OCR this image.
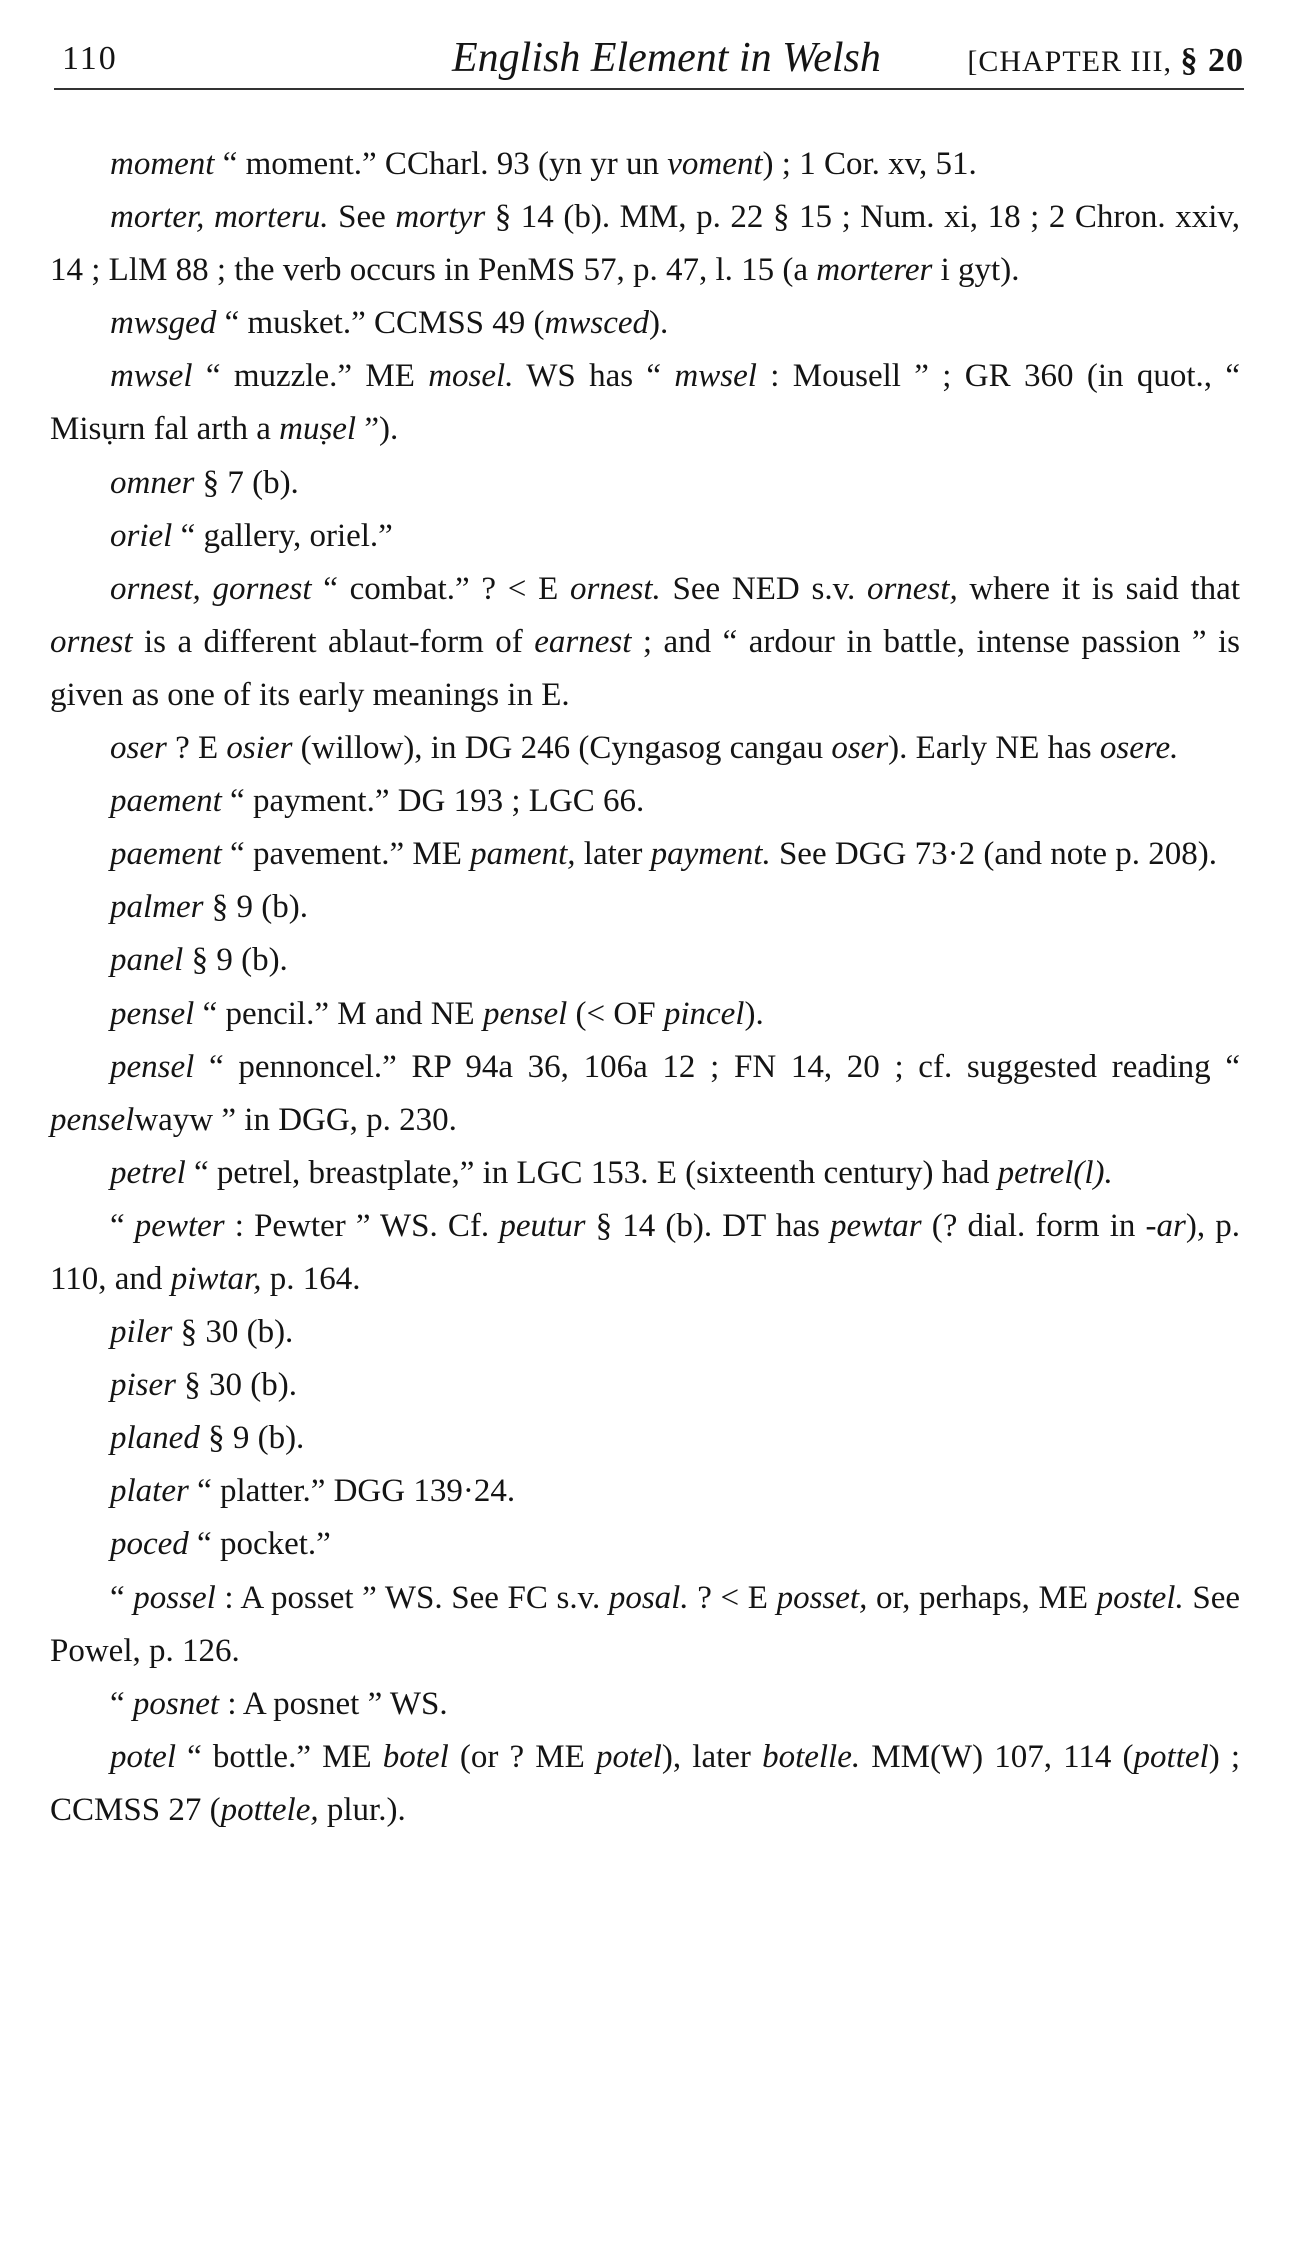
110	English Element in Welsh	[CHAPTER III, § 20

moment “ moment.” CCharl. 93 (yn yr un voment) ; 1 Cor. xv, 51.

morter, morteru. See mortyr § 14 (b). MM, p. 22 § 15 ; Num. xi, 18 ; 2 Chron. xxiv, 14 ; LlM 88 ; the verb occurs in PenMS 57, p. 47, l. 15 (a morterer i gyt).

mwsged “ musket.” CCMSS 49 (mwsced).

mwsel “ muzzle.” ME mosel. WS has “ mwsel : Mousell ” ; GR 360 (in quot., “ Misụrn fal arth a muṣel ”).

omner § 7 (b).

oriel “ gallery, oriel.”

ornest, gornest “ combat.” ? < E ornest. See NED s.v. ornest, where it is said that ornest is a different ablaut-form of earnest ; and “ ardour in battle, intense passion ” is given as one of its early meanings in E.

oser ? E osier (willow), in DG 246 (Cyngasog cangau oser). Early NE has osere.

paement “ payment.” DG 193 ; LGC 66.

paement “ pavement.” ME pament, later payment. See DGG 73·2 (and note p. 208).

palmer § 9 (b).

panel § 9 (b).

pensel “ pencil.” M and NE pensel (< OF pincel).

pensel “ pennoncel.” RP 94a 36, 106a 12 ; FN 14, 20 ; cf. suggested reading “ penselwayw ” in DGG, p. 230.

petrel “ petrel, breastplate,” in LGC 153. E (sixteenth century) had petrel(l).

“ pewter : Pewter ” WS. Cf. peutur § 14 (b). DT has pewtar (? dial. form in -ar), p. 110, and piwtar, p. 164.

piler § 30 (b).

piser § 30 (b).

planed § 9 (b).

plater “ platter.” DGG 139·24.

poced “ pocket.”

“ possel : A posset ” WS. See FC s.v. posal. ? < E posset, or, perhaps, ME postel. See Powel, p. 126.

“ posnet : A posnet ” WS.

potel “ bottle.” ME botel (or ? ME potel), later botelle. MM(W) 107, 114 (pottel) ; CCMSS 27 (pottele, plur.).
